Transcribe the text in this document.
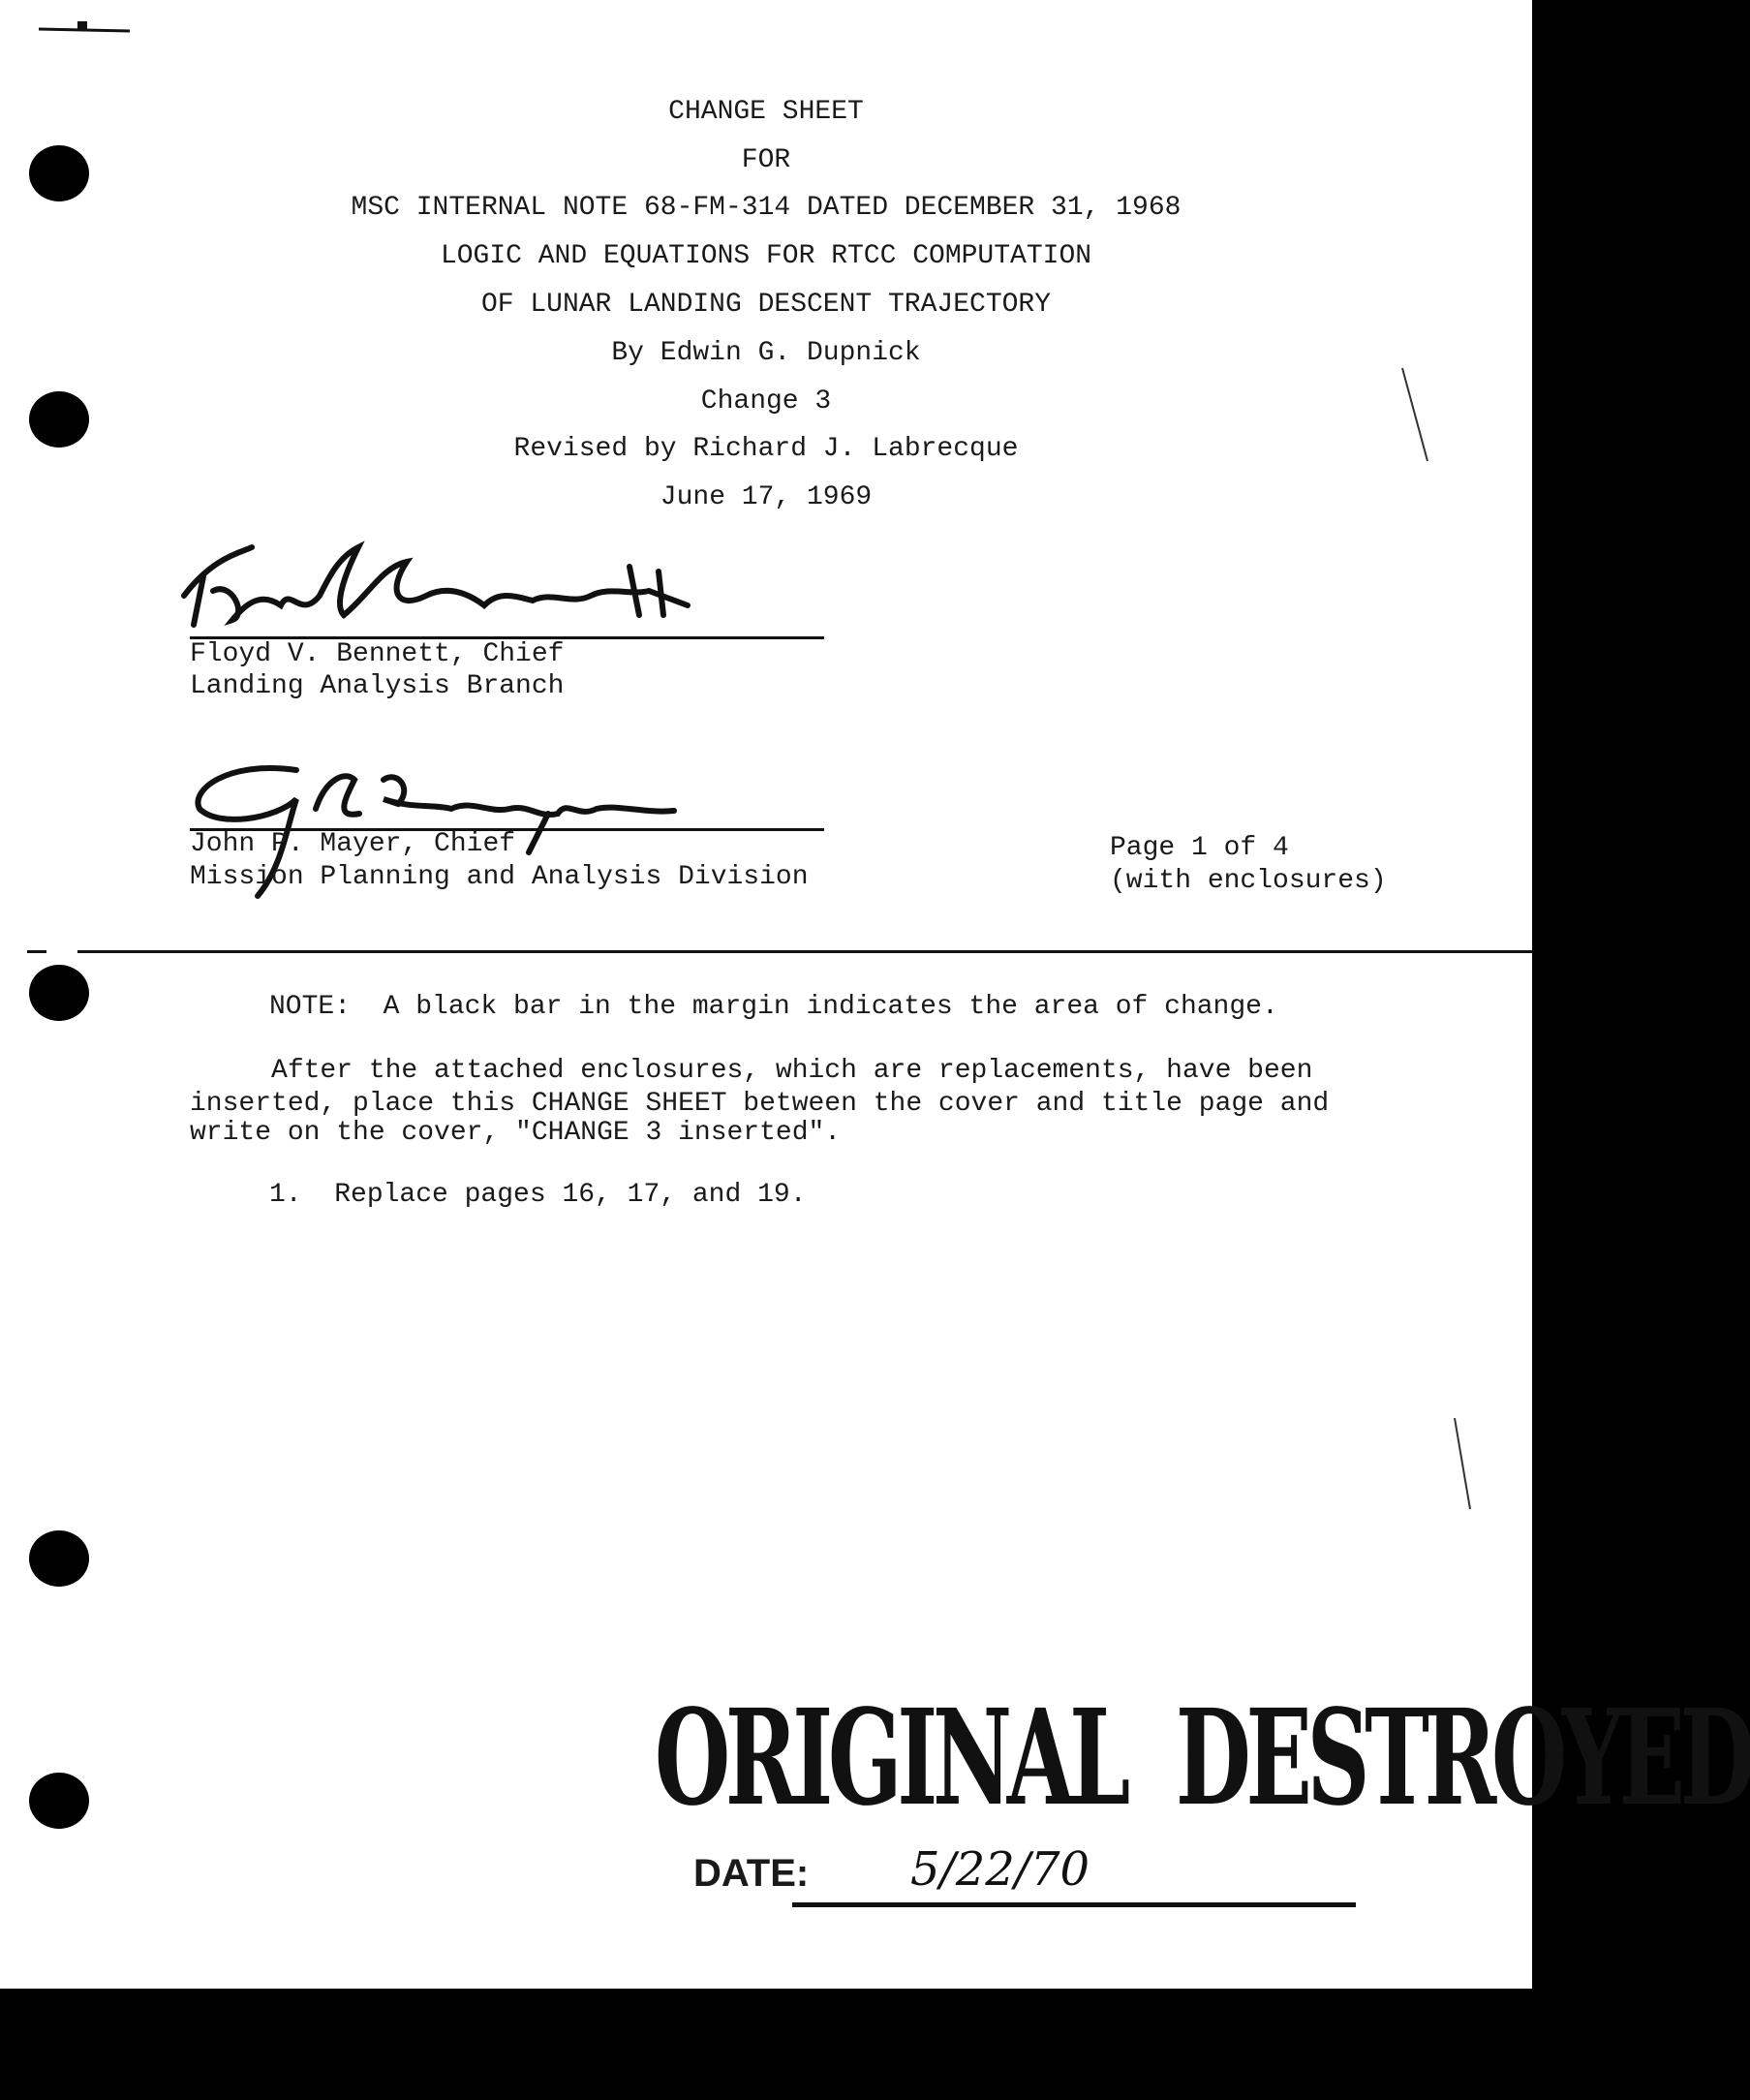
CHANGE SHEET
FOR
MSC INTERNAL NOTE 68-FM-314 DATED DECEMBER 31, 1968
LOGIC AND EQUATIONS FOR RTCC COMPUTATION
OF LUNAR LANDING DESCENT TRAJECTORY
By Edwin G. Dupnick
Change 3
Revised by Richard J. Labrecque
June 17, 1969
Floyd V. Bennett, Chief
Landing Analysis Branch
John P. Mayer, Chief
Mission Planning and Analysis Division
Page 1 of 4
(with enclosures)
NOTE:  A black bar in the margin indicates the area of change.
After the attached enclosures, which are replacements, have been
inserted, place this CHANGE SHEET between the cover and title page and
write on the cover, "CHANGE 3 inserted".
1.  Replace pages 16, 17, and 19.
ORIGINAL  DESTROYED
DATE: 5/22/70
